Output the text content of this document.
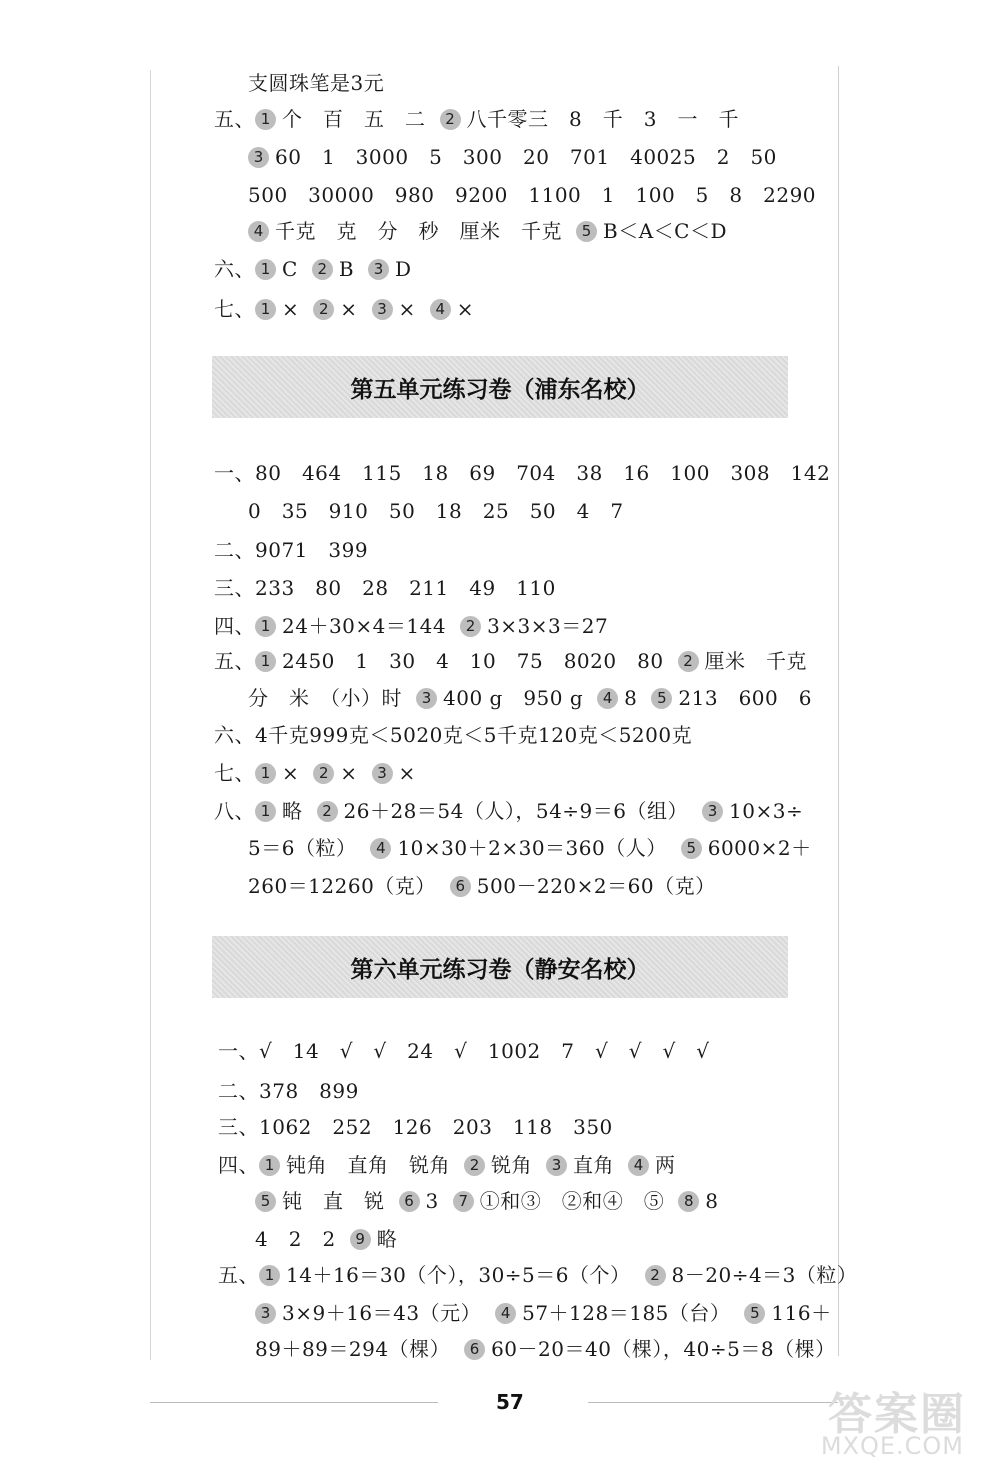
支圆珠笔是3元
五、 1 个　百　五　二 2 八千零三　8　千　3　一　千
3 60　1　3000　5　300　20　701　40025　2　50
500　30000　980　9200　1100　1　100　5　8　2290
4 千克　克　分　秒　厘米　千克 5 B＜A＜C＜D
六、 1 C 2 B 3 D
七、 1 × 2 × 3 × 4 ×
第五单元练习卷（浦东名校）
一、80　464　115　18　69　704　38　16　100　308　142
0　35　910　50　18　25　50　4　7
二、9071　399
三、233　80　28　211　49　110
四、 1 24＋30×4＝144 2 3×3×3＝27
五、 1 2450　1　30　4　10　75　8020　80 2 厘米　千克
分　米　（小）时 3 400 g　950 g 4 8 5 213　600　6
六、4千克999克＜5020克＜5千克120克＜5200克
七、 1 × 2 × 3 ×
八、 1 略 2 26＋28＝54（人），54÷9＝6（组） 3 10×3÷
5＝6（粒） 4 10×30＋2×30＝360（人） 5 6000×2＋
260＝12260（克） 6 500－220×2＝60（克）
第六单元练习卷（静安名校）
一、√　14　√　√　24　√　1002　7　√　√　√　√
二、378　899
三、1062　252　126　203　118　350
四、 1 钝角　直角　锐角 2 锐角 3 直角 4 两
5 钝　直　锐 6 3 7 ①和③　②和④　⑤ 8 8
4　2　2 9 略
五、 1 14＋16＝30（个），30÷5＝6（个） 2 8－20÷4＝3（粒）
3 3×9＋16＝43（元） 4 57＋128＝185（台） 5 116＋
89＋89＝294（棵） 6 60－20＝40（棵），40÷5＝8（棵）
57	答案圈
MXQE.COM
